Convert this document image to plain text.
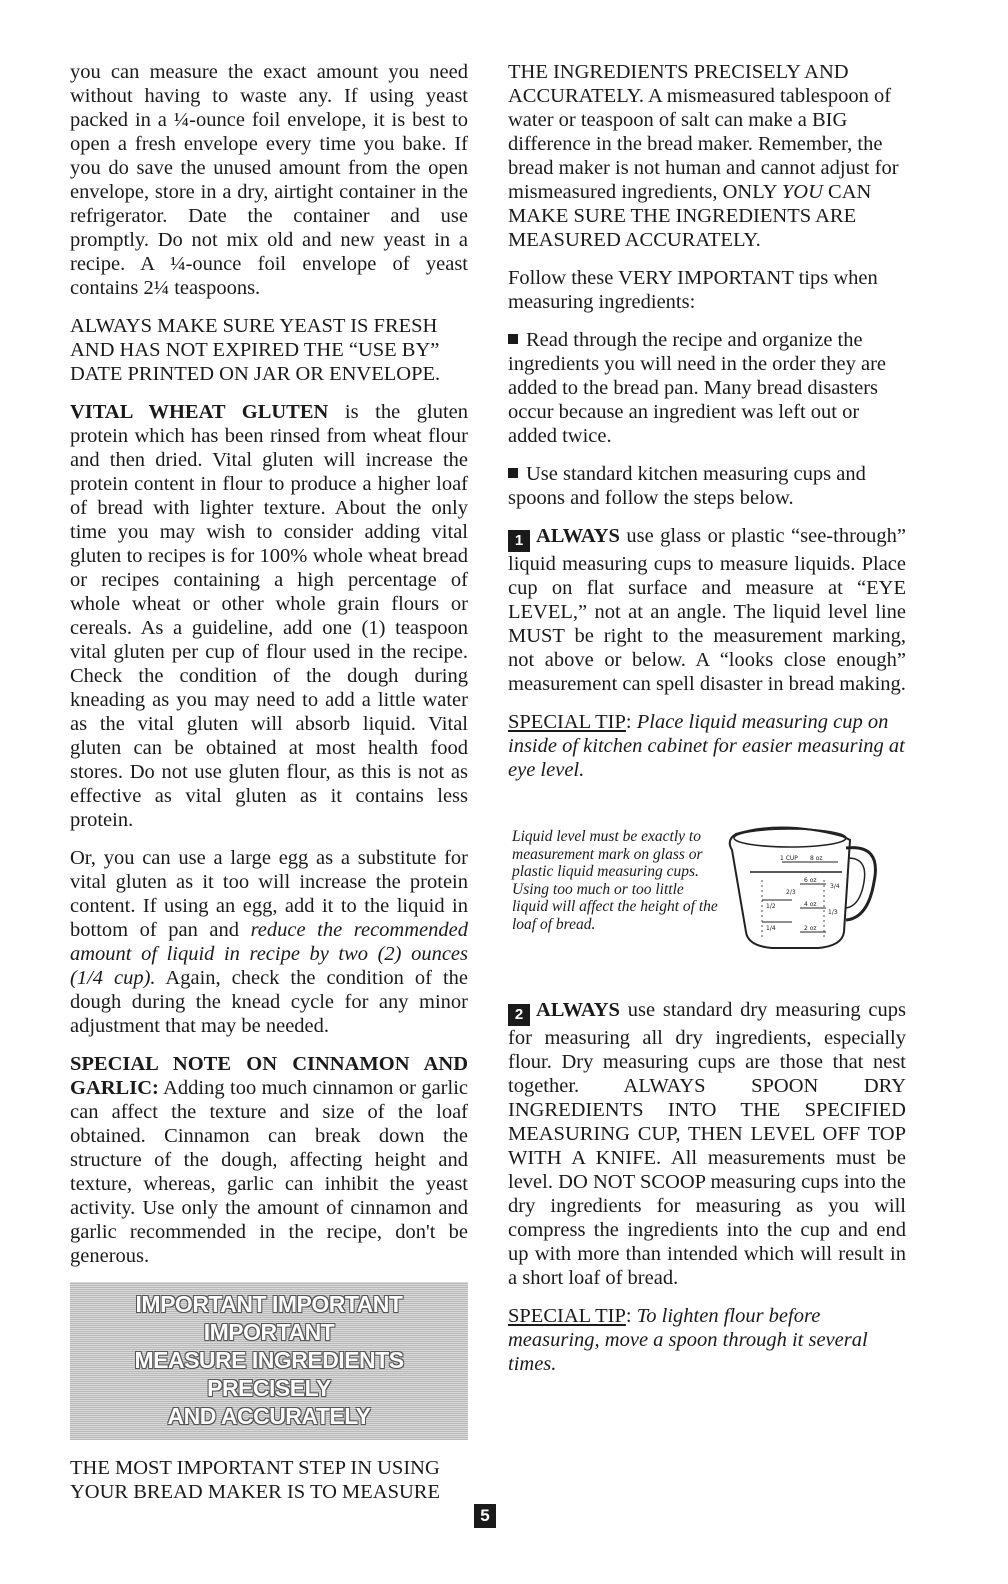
you can measure the exact amount you need without having to waste any. If using yeast packed in a ¼-ounce foil envelope, it is best to open a fresh envelope every time you bake. If you do save the unused amount from the open envelope, store in a dry, airtight container in the refrigerator. Date the container and use promptly. Do not mix old and new yeast in a recipe. A ¼-ounce foil envelope of yeast contains 2¼ teaspoons.

ALWAYS MAKE SURE YEAST IS FRESH AND HAS NOT EXPIRED THE “USE BY” DATE PRINTED ON JAR OR ENVELOPE.

VITAL WHEAT GLUTEN is the gluten protein which has been rinsed from wheat flour and then dried. Vital gluten will increase the protein content in flour to produce a higher loaf of bread with lighter texture. About the only time you may wish to consider adding vital gluten to recipes is for 100% whole wheat bread or recipes containing a high percentage of whole wheat or other whole grain flours or cereals. As a guideline, add one (1) teaspoon vital gluten per cup of flour used in the recipe. Check the condition of the dough during kneading as you may need to add a little water as the vital gluten will absorb liquid. Vital gluten can be obtained at most health food stores. Do not use gluten flour, as this is not as effective as vital gluten as it contains less protein.

Or, you can use a large egg as a substitute for vital gluten as it too will increase the protein content. If using an egg, add it to the liquid in bottom of pan and reduce the recommended amount of liquid in recipe by two (2) ounces (1/4 cup). Again, check the condition of the dough during the knead cycle for any minor adjustment that may be needed.

SPECIAL NOTE ON CINNAMON AND GARLIC: Adding too much cinnamon or garlic can affect the texture and size of the loaf obtained. Cinnamon can break down the structure of the dough, affecting height and texture, whereas, garlic can inhibit the yeast activity. Use only the amount of cinnamon and garlic recommended in the recipe, don't be generous.

IMPORTANT IMPORTANT IMPORTANT
MEASURE INGREDIENTS PRECISELY
AND ACCURATELY

THE MOST IMPORTANT STEP IN USING YOUR BREAD MAKER IS TO MEASURE

THE INGREDIENTS PRECISELY AND ACCURATELY. A mismeasured tablespoon of water or teaspoon of salt can make a BIG difference in the bread maker. Remember, the bread maker is not human and cannot adjust for mismeasured ingredients, ONLY YOU CAN MAKE SURE THE INGREDIENTS ARE MEASURED ACCURATELY.

Follow these VERY IMPORTANT tips when measuring ingredients:

Read through the recipe and organize the ingredients you will need in the order they are added to the bread pan. Many bread disasters occur because an ingredient was left out or added twice.

Use standard kitchen measuring cups and spoons and follow the steps below.

1 ALWAYS use glass or plastic “see-through” liquid measuring cups to measure liquids. Place cup on flat surface and measure at “EYE LEVEL,” not at an angle. The liquid level line MUST be right to the measurement marking, not above or below. A “looks close enough” measurement can spell disaster in bread making.

SPECIAL TIP: Place liquid measuring cup on inside of kitchen cabinet for easier measuring at eye level.

Liquid level must be exactly to measurement mark on glass or plastic liquid measuring cups. Using too much or too little liquid will affect the height of the loaf of bread.
1 CUP 8 oz
6 oz
2/3
1/2
3/4
1/4
4 oz
2 oz
1/3

2 ALWAYS use standard dry measuring cups for measuring all dry ingredients, especially flour. Dry measuring cups are those that nest together. ALWAYS SPOON DRY INGREDIENTS INTO THE SPECIFIED MEASURING CUP, THEN LEVEL OFF TOP WITH A KNIFE. All measurements must be level. DO NOT SCOOP measuring cups into the dry ingredients for measuring as you will compress the ingredients into the cup and end up with more than intended which will result in a short loaf of bread.

SPECIAL TIP: To lighten flour before measuring, move a spoon through it several times.

5
